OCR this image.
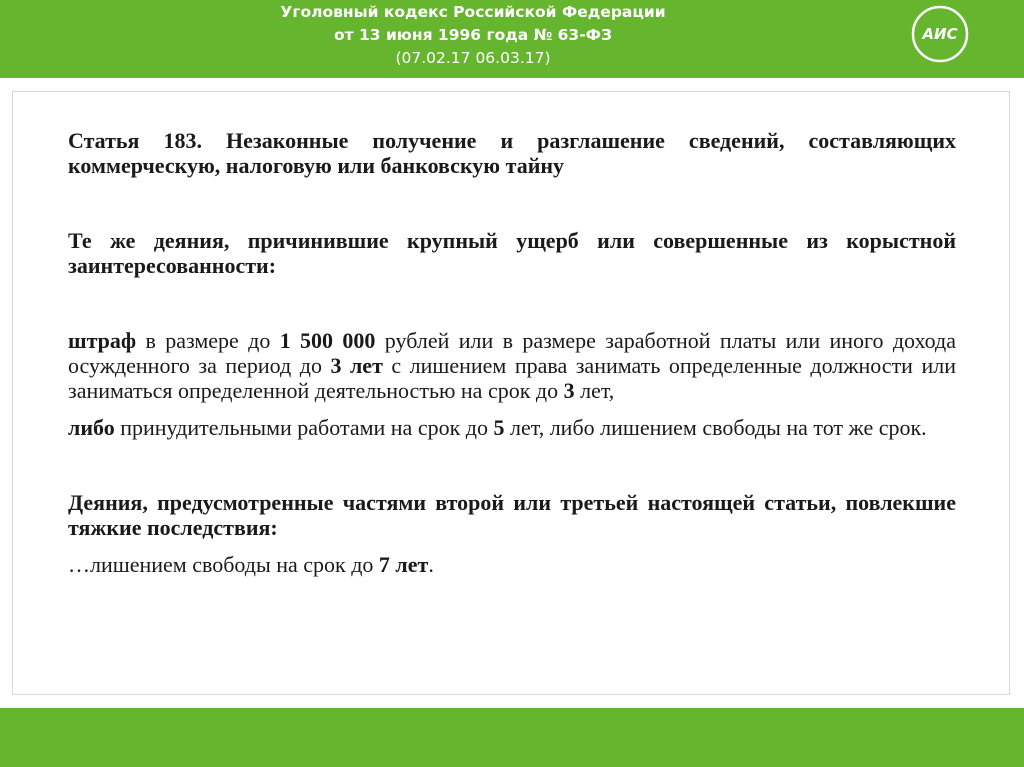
Уголовный кодекс Российской Федерации
от 13 июня 1996 года № 63-ФЗ
(07.02.17 06.03.17)
АИС

Статья 183. Незаконные получение и разглашение сведений, составляющих коммерческую, налоговую или банковскую тайну

Те же деяния, причинившие крупный ущерб или совершенные из корыстной заинтересованности:

штраф в размере до 1 500 000 рублей или в размере заработной платы или иного дохода осужденного за период до 3 лет с лишением права занимать определенные должности или заниматься определенной деятельностью на срок до 3 лет,

либо принудительными работами на срок до 5 лет, либо лишением свободы на тот же срок.

Деяния, предусмотренные частями второй или третьей настоящей статьи, повлекшие тяжкие последствия:

…лишением свободы на срок до 7 лет.
